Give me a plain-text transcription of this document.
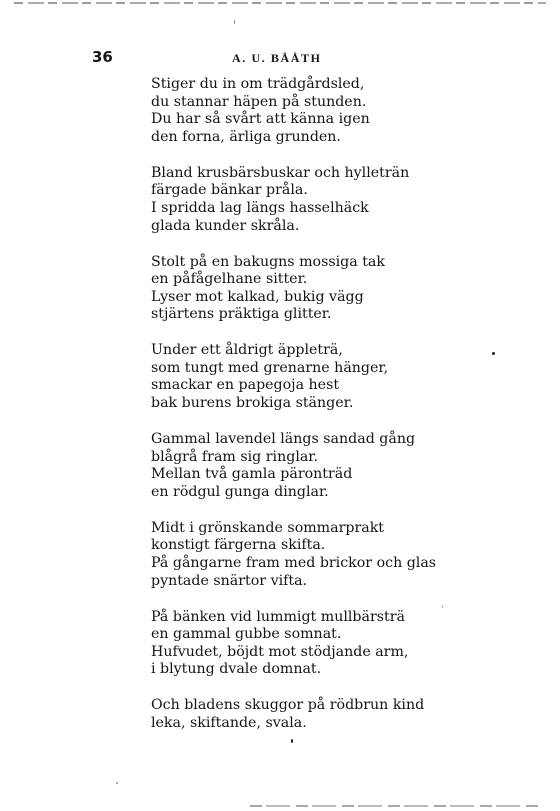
36	A. U. BÅÅTH
Stiger du in om trädgårdsled,
du stannar häpen på stunden.
Du har så svårt att känna igen
den forna, ärliga grunden.
Bland krusbärsbuskar och hylleträn
färgade bänkar pråla.
I spridda lag längs hasselhäck
glada kunder skråla.
Stolt på en bakugns mossiga tak
en påfågelhane sitter.
Lyser mot kalkad, bukig vägg
stjärtens präktiga glitter.
Under ett åldrigt äppleträ,
som tungt med grenarne hänger,
smackar en papegoja hest
bak burens brokiga stänger.
Gammal lavendel längs sandad gång
blågrå fram sig ringlar.
Mellan två gamla päronträd
en rödgul gunga dinglar.
Midt i grönskande sommarprakt
konstigt färgerna skifta.
På gångarne fram med brickor och glas
pyntade snärtor vifta.
På bänken vid lummigt mullbärsträ
en gammal gubbe somnat.
Hufvudet, böjdt mot stödjande arm,
i blytung dvale domnat.
Och bladens skuggor på rödbrun kind
leka, skiftande, svala.
